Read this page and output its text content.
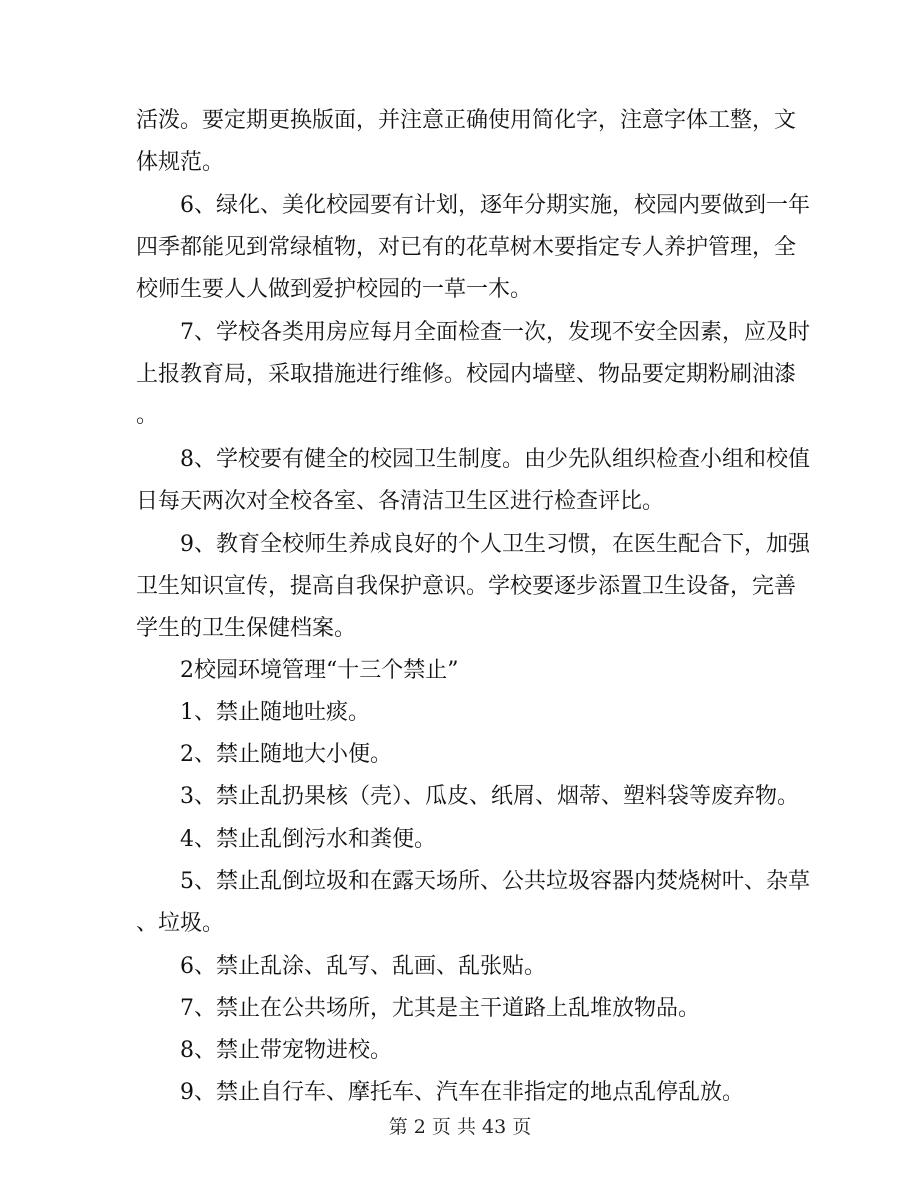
活泼。要定期更换版面，并注意正确使用简化字，注意字体工整，文
体规范。
6、绿化、美化校园要有计划，逐年分期实施，校园内要做到一年
四季都能见到常绿植物，对已有的花草树木要指定专人养护管理，全
校师生要人人做到爱护校园的一草一木。
7、学校各类用房应每月全面检查一次，发现不安全因素，应及时
上报教育局，采取措施进行维修。校园内墙壁、物品要定期粉刷油漆
。
8、学校要有健全的校园卫生制度。由少先队组织检查小组和校值
日每天两次对全校各室、各清洁卫生区进行检查评比。
9、教育全校师生养成良好的个人卫生习惯，在医生配合下，加强
卫生知识宣传，提高自我保护意识。学校要逐步添置卫生设备，完善
学生的卫生保健档案。
2校园环境管理“十三个禁止”
1、禁止随地吐痰。
2、禁止随地大小便。
3、禁止乱扔果核（壳）、瓜皮、纸屑、烟蒂、塑料袋等废弃物。
4、禁止乱倒污水和粪便。
5、禁止乱倒垃圾和在露天场所、公共垃圾容器内焚烧树叶、杂草
、垃圾。
6、禁止乱涂、乱写、乱画、乱张贴。
7、禁止在公共场所，尤其是主干道路上乱堆放物品。
8、禁止带宠物进校。
9、禁止自行车、摩托车、汽车在非指定的地点乱停乱放。
第 2 页 共 43 页
